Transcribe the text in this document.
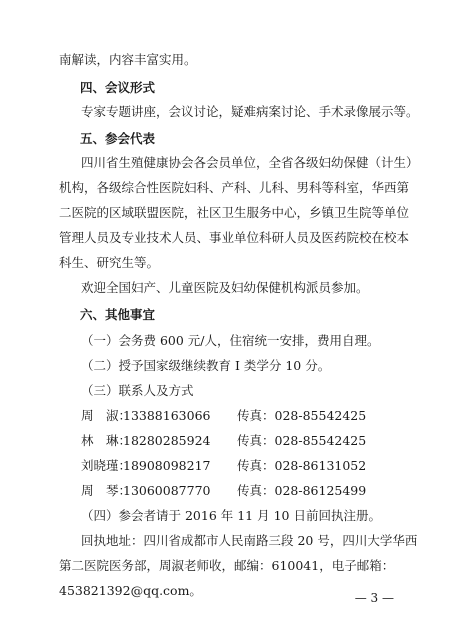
南解读，内容丰富实用。
四、会议形式
专家专题讲座，会议讨论，疑难病案讨论、手术录像展示等。
五、参会代表
四川省生殖健康协会各会员单位，全省各级妇幼保健（计生）
机构，各级综合性医院妇科、产科、儿科、男科等科室，华西第
二医院的区域联盟医院，社区卫生服务中心，乡镇卫生院等单位
管理人员及专业技术人员、事业单位科研人员及医药院校在校本
科生、研究生等。
欢迎全国妇产、儿童医院及妇幼保健机构派员参加。
六、其他事宜
（一）会务费 600 元/人，住宿统一安排，费用自理。
（二）授予国家级继续教育 Ⅰ 类学分 10 分。
（三）联系人及方式
周　淑：13388163066 传真：028-85542425
林　琳：18280285924 传真：028-85542425
刘晓瑾：18908098217 传真：028-86131052
周　琴：13060087770 传真：028-86125499
（四）参会者请于 2016 年 11 月 10 日前回执注册。
回执地址：四川省成都市人民南路三段 20 号，四川大学华西
第二医院医务部，周淑老师收，邮编：610041，电子邮箱：
453821392@qq.com。	— 3 —
